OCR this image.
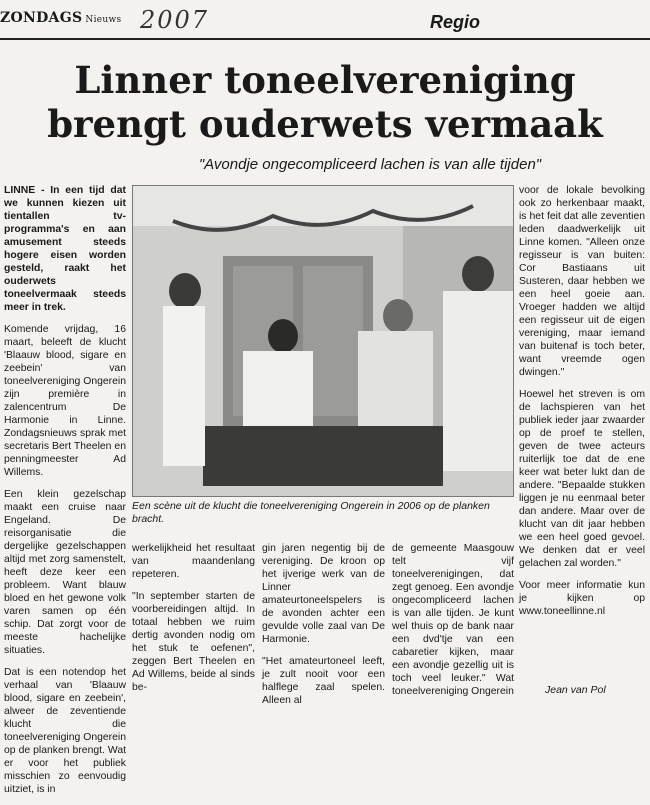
ZONDAGS Nieuws 2007	Regio
Linner toneelvereniging
brengt ouderwets vermaak
"Avondje ongecompliceerd lachen is van alle tijden"

LINNE - In een tijd dat we kunnen kiezen uit tientallen tv-programma's en aan amusement steeds hogere eisen worden gesteld, raakt het ouderwets toneelvermaak steeds meer in trek.

Komende vrijdag, 16 maart, beleeft de klucht 'Blaauw blood, sigare en zeebein' van toneelvereniging Ongerein zijn première in zalencentrum De Harmonie in Linne. Zondagsnieuws sprak met secretaris Bert Theelen en penningmeester Ad Willems.

Een klein gezelschap maakt een cruise naar Engeland. De reisorganisatie die dergelijke gezelschappen altijd met zorg samenstelt, heeft deze keer een probleem. Want blauw bloed en het gewone volk varen samen op één schip. Dat zorgt voor de meeste hachelijke situaties.

Dat is een notendop het verhaal van 'Blaauw blood, sigare en zeebein', alweer de zeventiende klucht die toneelvereniging Ongerein op de planken brengt. Wat er voor het publiek misschien zo eenvoudig uitziet, is in

Een scène uit de klucht die toneelvereniging Ongerein in 2006 op de planken bracht.

werkelijkheid het resultaat van maandenlang repeteren.

"In september starten de voorbereidingen altijd. In totaal hebben we ruim dertig avonden nodig om het stuk te oefenen", zeggen Bert Theelen en Ad Willems, beide al sinds be-

gin jaren negentig bij de vereniging. De kroon op het ijverige werk van de Linner amateurtoneelspelers is de avonden achter een gevulde volle zaal van De Harmonie.

"Het amateurtoneel leeft, je zult nooit voor een halflege zaal spelen. Alleen al

de gemeente Maasgouw telt vijf toneelverenigingen, dat zegt genoeg. Een avondje ongecompliceerd lachen is van alle tijden. Je kunt wel thuis op de bank naar een dvd'tje van een cabaretier kijken, maar een avondje gezellig uit is toch veel leuker." Wat toneelvereniging Ongerein

voor de lokale bevolking ook zo herkenbaar maakt, is het feit dat alle zeventien leden daadwerkelijk uit Linne komen. "Alleen onze regisseur is van buiten: Cor Bastiaans uit Susteren, daar hebben we een heel goeie aan. Vroeger hadden we altijd een regisseur uit de eigen vereniging, maar iemand van buitenaf is toch beter, want vreemde ogen dwingen."

Hoewel het streven is om de lachspieren van het publiek ieder jaar zwaarder op de proef te stellen, geven de twee acteurs ruiterlijk toe dat de ene keer wat beter lukt dan de andere. "Bepaalde stukken liggen je nu eenmaal beter dan andere. Maar over de klucht van dit jaar hebben we een heel goed gevoel. We denken dat er veel gelachen zal worden."

Voor meer informatie kun je kijken op www.toneellinne.nl

Jean van Pol
